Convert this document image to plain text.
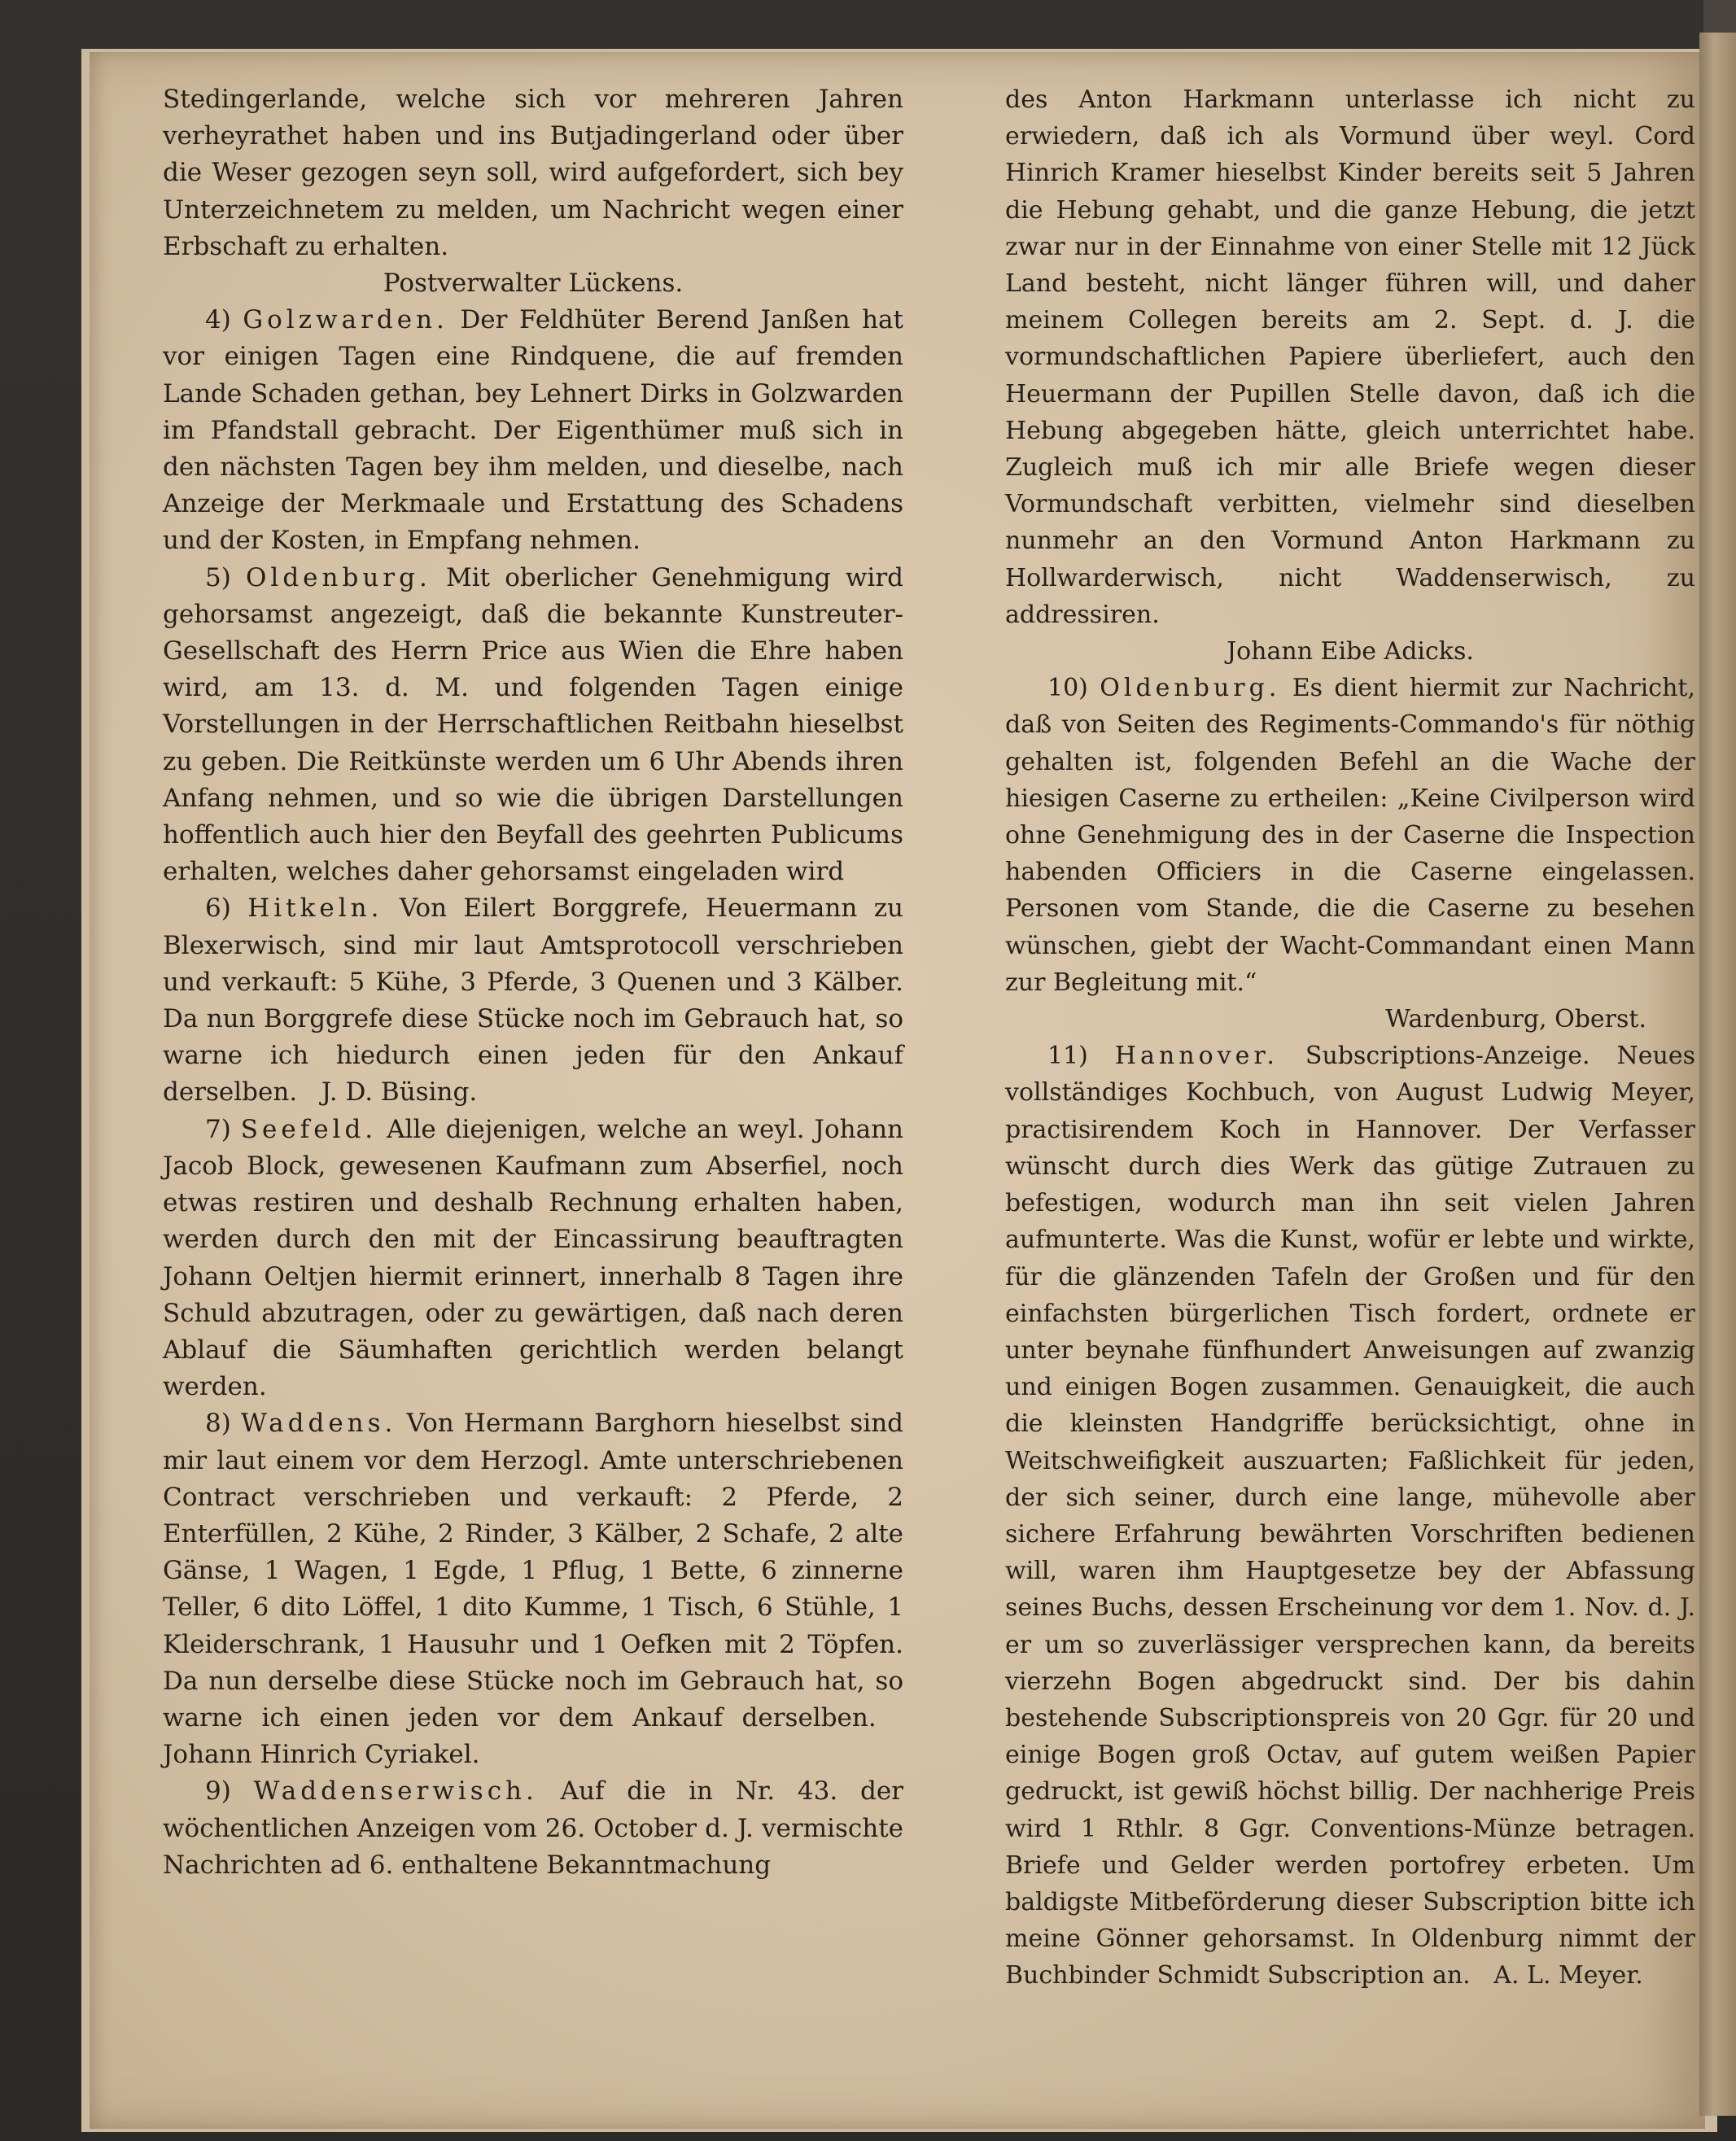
Stedingerlande, welche sich vor mehreren Jahren verheyrathet haben und ins Butjadingerland oder über die Weser gezogen seyn soll, wird aufgefordert, sich bey Unterzeichnetem zu melden, um Nachricht wegen einer Erbschaft zu erhalten.

Postverwalter Lückens.

4) Golzwarden. Der Feldhüter Berend Janßen hat vor einigen Tagen eine Rindquene, die auf fremden Lande Schaden gethan, bey Lehnert Dirks in Golzwarden im Pfandstall gebracht. Der Eigenthümer muß sich in den nächsten Tagen bey ihm melden, und dieselbe, nach Anzeige der Merkmaale und Erstattung des Schadens und der Kosten, in Empfang nehmen.

5) Oldenburg. Mit oberlicher Genehmigung wird gehorsamst angezeigt, daß die bekannte Kunstreuter-Gesellschaft des Herrn Price aus Wien die Ehre haben wird, am 13. d. M. und folgenden Tagen einige Vorstellungen in der Herrschaftlichen Reitbahn hieselbst zu geben. Die Reitkünste werden um 6 Uhr Abends ihren Anfang nehmen, und so wie die übrigen Darstellungen hoffentlich auch hier den Beyfall des geehrten Publicums erhalten, welches daher gehorsamst eingeladen wird

6) Hitkeln. Von Eilert Borggrefe, Heuermann zu Blexerwisch, sind mir laut Amtsprotocoll verschrieben und verkauft: 5 Kühe, 3 Pferde, 3 Quenen und 3 Kälber. Da nun Borggrefe diese Stücke noch im Gebrauch hat, so warne ich hiedurch einen jeden für den Ankauf derselben. J. D. Büsing.

7) Seefeld. Alle diejenigen, welche an weyl. Johann Jacob Block, gewesenen Kaufmann zum Abserfiel, noch etwas restiren und deshalb Rechnung erhalten haben, werden durch den mit der Eincassirung beauftragten Johann Oeltjen hiermit erinnert, innerhalb 8 Tagen ihre Schuld abzutragen, oder zu gewärtigen, daß nach deren Ablauf die Säumhaften gerichtlich werden belangt werden.

8) Waddens. Von Hermann Barghorn hieselbst sind mir laut einem vor dem Herzogl. Amte unterschriebenen Contract verschrieben und verkauft: 2 Pferde, 2 Enterfüllen, 2 Kühe, 2 Rinder, 3 Kälber, 2 Schafe, 2 alte Gänse, 1 Wagen, 1 Egde, 1 Pflug, 1 Bette, 6 zinnerne Teller, 6 dito Löffel, 1 dito Kumme, 1 Tisch, 6 Stühle, 1 Kleiderschrank, 1 Hausuhr und 1 Oefken mit 2 Töpfen. Da nun derselbe diese Stücke noch im Gebrauch hat, so warne ich einen jeden vor dem Ankauf derselben.   Johann Hinrich Cyriakel.

9) Waddenserwisch. Auf die in Nr. 43. der wöchentlichen Anzeigen vom 26. October d. J. vermischte Nachrichten ad 6. enthaltene Bekanntmachung

des Anton Harkmann unterlasse ich nicht zu erwiedern, daß ich als Vormund über weyl. Cord Hinrich Kramer hieselbst Kinder bereits seit 5 Jahren die Hebung gehabt, und die ganze Hebung, die jetzt zwar nur in der Einnahme von einer Stelle mit 12 Jück Land besteht, nicht länger führen will, und daher meinem Collegen bereits am 2. Sept. d. J. die vormundschaftlichen Papiere überliefert, auch den Heuermann der Pupillen Stelle davon, daß ich die Hebung abgegeben hätte, gleich unterrichtet habe. Zugleich muß ich mir alle Briefe wegen dieser Vormundschaft verbitten, vielmehr sind dieselben nunmehr an den Vormund Anton Harkmann zu Hollwarderwisch, nicht Waddenserwisch, zu addressiren.

Johann Eibe Adicks.

10) Oldenburg. Es dient hiermit zur Nachricht, daß von Seiten des Regiments-Commando's für nöthig gehalten ist, folgenden Befehl an die Wache der hiesigen Caserne zu ertheilen: „Keine Civilperson wird ohne Genehmigung des in der Caserne die Inspection habenden Officiers in die Caserne eingelassen. Personen vom Stande, die die Caserne zu besehen wünschen, giebt der Wacht-Commandant einen Mann zur Begleitung mit.“

Wardenburg, Oberst.

11) Hannover. Subscriptions-Anzeige. Neues vollständiges Kochbuch, von August Ludwig Meyer, practisirendem Koch in Hannover. Der Verfasser wünscht durch dies Werk das gütige Zutrauen zu befestigen, wodurch man ihn seit vielen Jahren aufmunterte. Was die Kunst, wofür er lebte und wirkte, für die glänzenden Tafeln der Großen und für den einfachsten bürgerlichen Tisch fordert, ordnete er unter beynahe fünfhundert Anweisungen auf zwanzig und einigen Bogen zusammen. Genauigkeit, die auch die kleinsten Handgriffe berücksichtigt, ohne in Weitschweifigkeit auszuarten; Faßlichkeit für jeden, der sich seiner, durch eine lange, mühevolle aber sichere Erfahrung bewährten Vorschriften bedienen will, waren ihm Hauptgesetze bey der Abfassung seines Buchs, dessen Erscheinung vor dem 1. Nov. d. J. er um so zuverlässiger versprechen kann, da bereits vierzehn Bogen abgedruckt sind. Der bis dahin bestehende Subscriptionspreis von 20 Ggr. für 20 und einige Bogen groß Octav, auf gutem weißen Papier gedruckt, ist gewiß höchst billig. Der nachherige Preis wird 1 Rthlr. 8 Ggr. Conventions-Münze betragen. Briefe und Gelder werden portofrey erbeten. Um baldigste Mitbeförderung dieser Subscription bitte ich meine Gönner gehorsamst. In Oldenburg nimmt der Buchbinder Schmidt Subscription an. A. L. Meyer.
